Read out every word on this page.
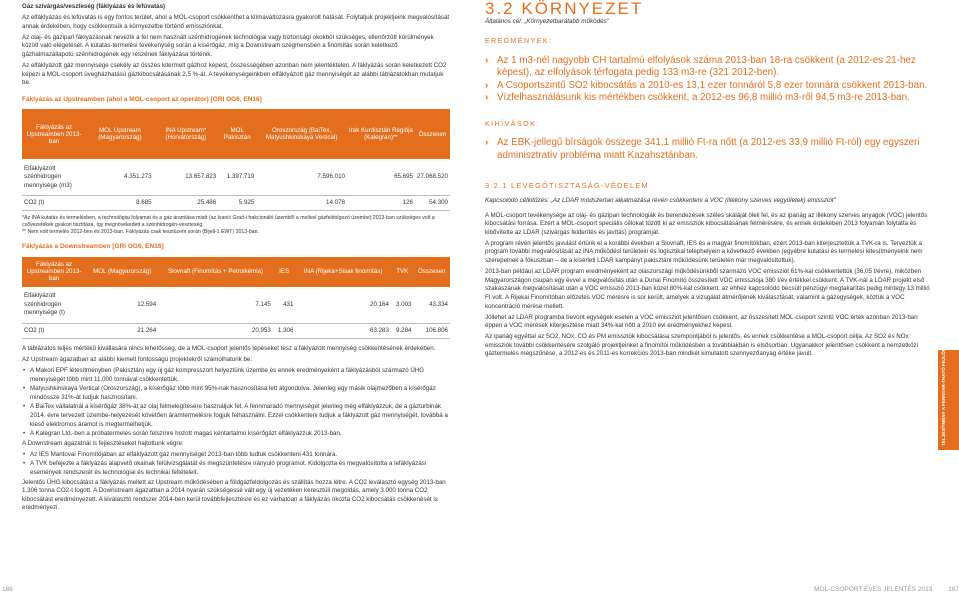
Gáz szivárgás/veszteség (fáklyázás és lefúvatás)

Az elfáklyázás és lefúvatás is egy fontos terület, ahol a MOL-csoport csökkenthet a klímaváltozásra gyakorolt hatását. Folytatjuk projektjeink megvalósítását annak érdekében, hogy csökkentsük a környezetbe történő emissziónkat.

Az olaj- és gázipari fáklyázásnak nevezik a fel nem használt szénhidrogének technológiai vagy biztonsági okokból szükséges, ellenőrzött körülmények között való elégetését. A kutatás-termelési tevékenység során a kísérőgáz, míg a Downstream szegmensben a finomítás során keletkező gázhalmazállapotú szénhidrogének egy részének fáklyázása történik.

Az elfáklyázott gáz mennyisége csekély az összes kitermelt gázhoz képest, összességében azonban nem jelentéktelen. A fáklyázás során keletkezett CO2 képezi a MOL-csoport üvegházhatású gázkibocsátásának 2,5 %-át. A tevékenységeinkben elfáklyázott gáz mennyiségét az alábbi táblázatokban mutatjuk be.

Fáklyázás az Upstreamben (ahol a MOL-csoport az operátor) [GRI OG6, EN16]
Fáklyázás az Upstreamben 2013-ban	MOL Upstream (Magyarország)	INA Upstream* (Horvátország)	MOL Pakisztán	Oroszország (BaiTex, Matyushkinskaya Vertical)	Irak Kurdisztán Régiója (Kalegran)**	Összesen
Elfáklyázott szénhidrogén mennyisége (m3)	4.351.273	13.657.823	1.397.719	7.596.010	65.695	27.068.520
CO2 (t)	8.685	25.486	5.925	14.078	126	54.300
*Az INA kutatás és termelésben, a technológiai folyamat és a gáz áramlása miatt (az Ivanić Grad-i frakcionáló üzemből a molivel gázfeldolgozó üzembe) 2013-ban szükséges volt a csővezetékek gyakori tisztítása, így megnövekedett a szénhidrogén-veszteség.
** Nem volt termelés 2012-ben és 2013-ban. Fáklyázás csak tesztüzem során (Bijell-1 EWT) 2013-ban.
Fáklyázás a Downstreamben [GRI OG6, EN16]
Fáklyázás az Upstreamben 2013-ban	MOL (Magyarország)	Slovnaft (Finomítás + Petrolkémia)	IES	INA (Rijeka+Sisak finomítás)	TVK	Összesen
Elfáklyázott szénhidrogén mennyisége (t)	12.594	7.145	431	20.164	3.003	43.334
CO2 (t)	21.264	20.953	1.306	63.283	9.284	106.806

A táblázatos teljes mértékű kivállasára nincs lehetősség, de a MOL-csoport jelentős lépéseket tesz a fáklyázott mennyiség csökkentésének érdekében.

Az Upstream ágazatban az alábbi kiemelt fontosságú projektekről számolhatunk be:

• A Makori EPF létesítményben (Pakisztán) egy új gáz kompresszort helyeztünk üzembe és ennek eredményeként a fáklyázásból származó ÜHG mennyiségét több mint 11.000 tonnával csökkentettük.
• Matyushkinskaya Vertical (Oroszország), a kísérőgáz több mint 95%-nak hasznosítása lett átgondolva. Jelenleg egy másik olajmezőben a kísérőgáz mindössze 31%-át tudjuk hasznosítani.
• A BaiTex vállalatnál a kísérőgáz 38%-át az olaj felmelegítésére használjuk fel. A fennmaradó mennyiséget jelenleg még elfáklyázzuk, de a gázturbinák 2014. évre tervezett üzembe-helyezését követően áramtermelésre fogjuk felhasználni. Ezzel csökkenteni tudjuk a fáklyázott gáz mennyiségét, továbbá a kieső elektromos áramot is megtermelhetjük.
• A Kalegran Ltd.-ben a próbatermelés során felszínre hozott magas kéntartalmú kísérőgázt elfáklyázzuk 2013-ban.

A Downstream ágazatnál is fejlesztéseket hajtottunk végre:

• Az IES Mantovai Finomítójában az elfáklyázott gáz mennyiségét 2013-ban több tudtuk csökkenteni 431 tonnára.
• A TVK befejezte a fáklyázás alapvető okainak felülvizsgálatát és megszüntetésre irányuló programot. Kidolgozta és megvalósította a lefáklyázási események rendszerét és technológiai és technikai feltételeit.

Jelentős ÜHG kibocsátást a fáklyázás mellett az Upstream működésében a földgázfeldolgozás és szállítás hozza létre. A CO2 leválasztó egység 2013-ban 1.306 tonna CO2-t fogott. A Downstream ágazatban a 2014 nyarán szükségessé vált egy új vezetéken keresztüli megoldás, amely 3.000 tonna CO2 kibocsátást eredményezett. A kiválasztó rendszer 2014-ben kerül továbbfejlesztésre és ez várhatóan a fáklyázás okozta CO2 kibocsátás csökkenését is eredményezi.

3.2 KÖRNYEZET
Általános cél: „Környezetbarátabb működés"
EREDMÉNYEK:
› Az 1 m3-nél nagyobb CH tartalmú elfolyások száma 2013-ban 18-ra csökkent (a 2012-es 21-hez képest), az elfolyások térfogata pedig 133 m3-re (321 2012-ben).
› A Csoportszintű SO2 kibocsátás a 2010-es 13,1 ezer tonnáról 5,8 ezer tonnára csökkent 2013-ban.
› Vízfelhasználásunk kis mértékben csökkent, a 2012-es 96,8 millió m3-ről 94,5 m3-re 2013-ban.
KIHÍVÁSOK:
› Az EBK-jellegű bírságok összege 341,1 millió Ft-ra nőtt (a 2012-es 33,9 millió Ft-ról) egy egyszeri adminisztratív probléma miatt Kazahsztánban.
3.2.1 LEVEGŐTISZTASÁG-VÉDELEM
Kapcsolódó célkitűzés: „Az LDAR módszertan alkalmazása révén csökkenteni a VOC (illékony szerves vegyületek) emissziót"

A MOL-csoport tevékenysége az olaj- és gázipari technológiák és berendezések széles skáláját öleli fel, és az ipariág az illékony szerves anyagok (VOC) jelentős kibocsátási forrása. Ezért a MOL-csoport speciális célokat tűzött ki az emissziók kibocsátásának felmérésére, és ennek érdekében 2013 folyamán folytatta és kibővítette az LDAR (szivárgás felderítés és javítás) programját.

A program révén jelentős javulást értünk el a korábbi években a Slovnaft, IES és a magyar finomítókban, ezért 2013-ban kiterjesztettük a TVK-ra is. Terveztük a program további megvalósítását az INA működési területein és logisztikai telephelyein a következő években (egyébre kutatási és termelési létesítményeink nem szerepelnek a fókuszban – de a kísérleti LDAR kampányt pakisztáni működésünk területén már megvalósítottuk).

2013-ban például az LDAR program eredményeként az olaszországi működésünkből származó VOC emissziót 61%-kal csökkentettük (36,05 t/évre), miközben Magyarországon csupán egy évvel a megvalósítás után a Dunai Finomító összesített VOC emissziója 380 t/év értékkel csökkent. A TVK-nál a LDAR projekt első szakaszának megvalósítását után a VOC emisszió 2013-ban közel 80%-kal csökkent, az ehhez kapcsolódó becsült pénzügyi megtakarítás pedig mintegy 13 millió Ft volt. A Rijekai Finomítóban előzetes VOC mérésre is sor került, amelyek a vizsgálat átmérőjének kiválasztását, valamint a gázegységek, köztük a VOC koncentráció mérése mellett.

Jóllehet az LDAR programba bevont egységek esetén a VOC emissziót jelentősen csökkent, az összesített MOL-csoport szintű VOC érték azonban 2013-ban éppen a VOC mérések kiterjesztése miatt 34%-kal nőtt a 2010 évi eredményekhez képest.

Az ipariág egyéttal az SO2, NOx, CO és PM emissziók kibocsátása szempontjából is jelentős, és ennek csökkentése a MOL-csoport célja. Az SO2 és NOx emissziók további csökkentésére szolgáló projektjeinket a finomítói működésben a továbbiakban is elsősorban. Ugyanakkor jelentősen csökkent a nemzetközi gáztermelés megszűnése, a 2012-es és 2011-es korrekciós 2013-ban mindkét kimutatott szennyezőanyag értéke javult.	TELJESÍTMÉNY A FENNTAR-THATÓ FEJLŐDÉS TERÜLETEN
186	MOL-CSOPORT ÉVES JELENTÉS 2013 187
